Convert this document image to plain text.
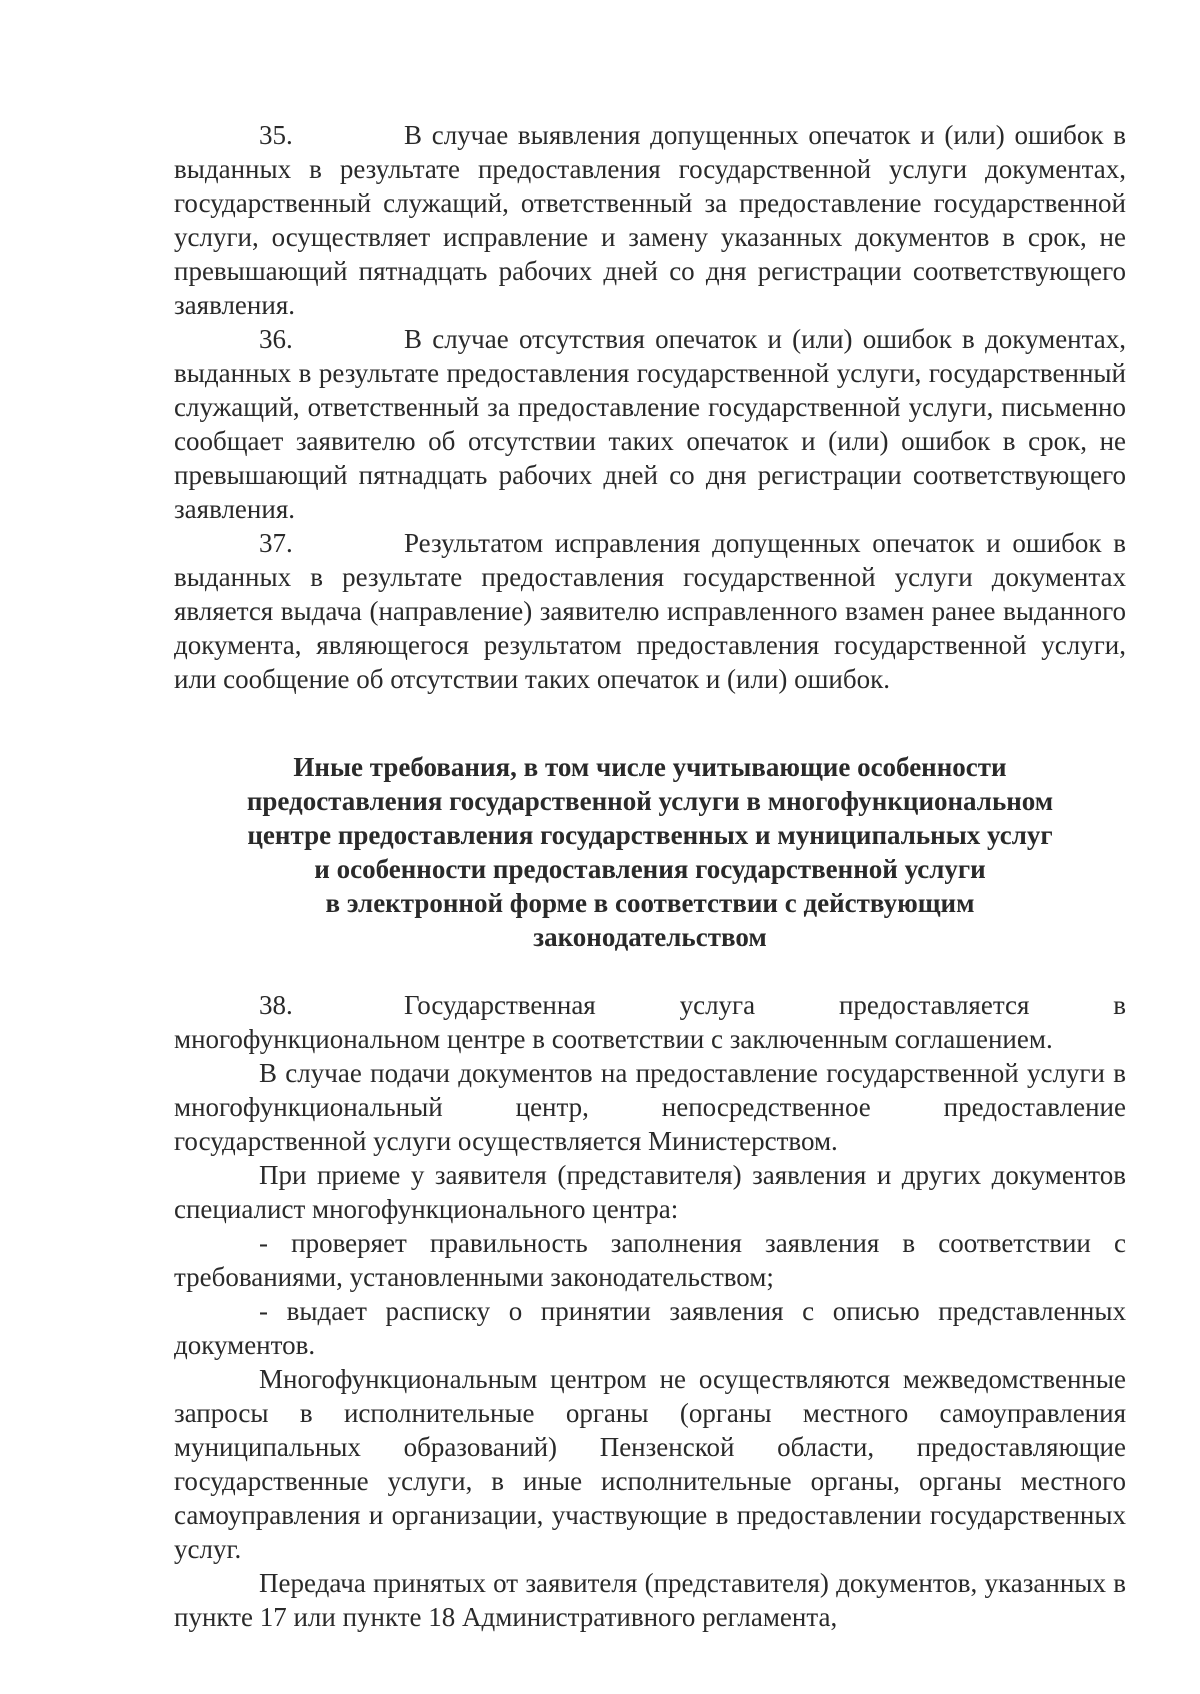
35.	В случае выявления допущенных опечаток и (или) ошибок в выданных в результате предоставления государственной услуги документах, государственный служащий, ответственный за предоставление государственной услуги, осуществляет исправление и замену указанных документов в срок, не превышающий пятнадцать рабочих дней со дня регистрации соответствующего заявления.

36.	В случае отсутствия опечаток и (или) ошибок в документах, выданных в результате предоставления государственной услуги, государственный служащий, ответственный за предоставление государственной услуги, письменно сообщает заявителю об отсутствии таких опечаток и (или) ошибок в срок, не превышающий пятнадцать рабочих дней со дня регистрации соответствующего заявления.

37.	Результатом исправления допущенных опечаток и ошибок в выданных в результате предоставления государственной услуги документах является выдача (направление) заявителю исправленного взамен ранее выданного документа, являющегося результатом предоставления государственной услуги, или сообщение об отсутствии таких опечаток и (или) ошибок.

Иные требования, в том числе учитывающие особенности
предоставления государственной услуги в многофункциональном
центре предоставления государственных и муниципальных услуг
и особенности предоставления государственной услуги
в электронной форме в соответствии с действующим
законодательством

38.	Государственная услуга предоставляется в многофункциональном центре в соответствии с заключенным соглашением.

В случае подачи документов на предоставление государственной услуги в многофункциональный центр, непосредственное предоставление государственной услуги осуществляется Министерством.

При приеме у заявителя (представителя) заявления и других документов специалист многофункционального центра:

- проверяет правильность заполнения заявления в соответствии с требованиями, установленными законодательством;

- выдает расписку о принятии заявления с описью представленных документов.

Многофункциональным центром не осуществляются межведомственные запросы в исполнительные органы (органы местного самоуправления муниципальных образований) Пензенской области, предоставляющие государственные услуги, в иные исполнительные органы, органы местного самоуправления и организации, участвующие в предоставлении государственных услуг.

Передача принятых от заявителя (представителя) документов, указанных в пункте 17 или пункте 18 Административного регламента,
